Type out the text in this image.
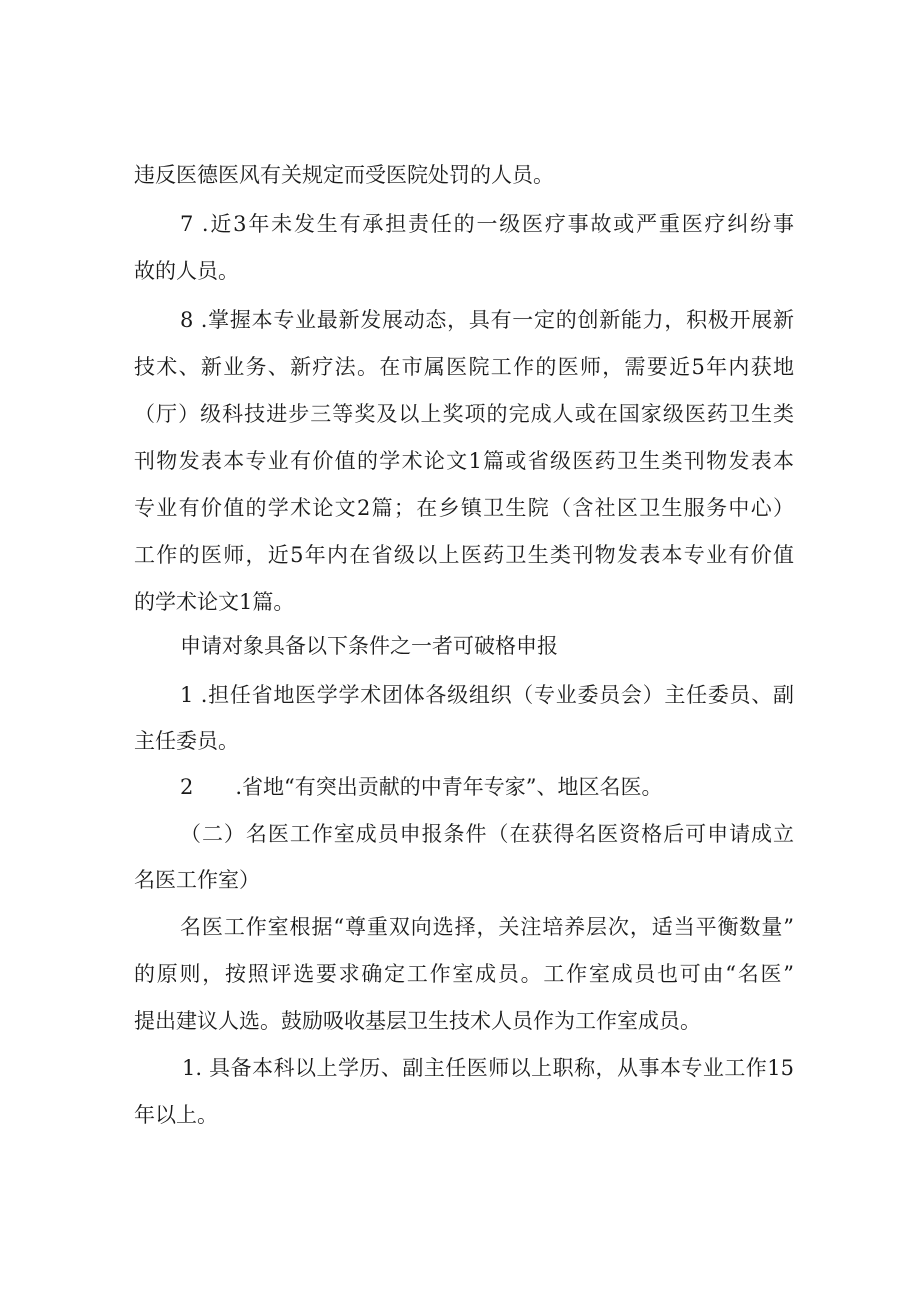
违反医德医风有关规定而受医院处罚的人员。
7 .近3年未发生有承担责任的一级医疗事故或严重医疗纠纷事
故的人员。
8 .掌握本专业最新发展动态，具有一定的创新能力，积极开展新
技术、新业务、新疗法。在市属医院工作的医师，需要近5年内获地
（厅）级科技进步三等奖及以上奖项的完成人或在国家级医药卫生类
刊物发表本专业有价值的学术论文1篇或省级医药卫生类刊物发表本
专业有价值的学术论文2篇；在乡镇卫生院（含社区卫生服务中心）
工作的医师，近5年内在省级以上医药卫生类刊物发表本专业有价值
的学术论文1篇。
申请对象具备以下条件之一者可破格申报
1 .担任省地医学学术团体各级组织（专业委员会）主任委员、副
主任委员。
2　　.省地“有突出贡献的中青年专家”、地区名医。
（二）名医工作室成员申报条件（在获得名医资格后可申请成立
名医工作室）
名医工作室根据“尊重双向选择，关注培养层次，适当平衡数量”
的原则，按照评选要求确定工作室成员。工作室成员也可由“名医”
提出建议人选。鼓励吸收基层卫生技术人员作为工作室成员。
1. 具备本科以上学历、副主任医师以上职称，从事本专业工作15
年以上。
